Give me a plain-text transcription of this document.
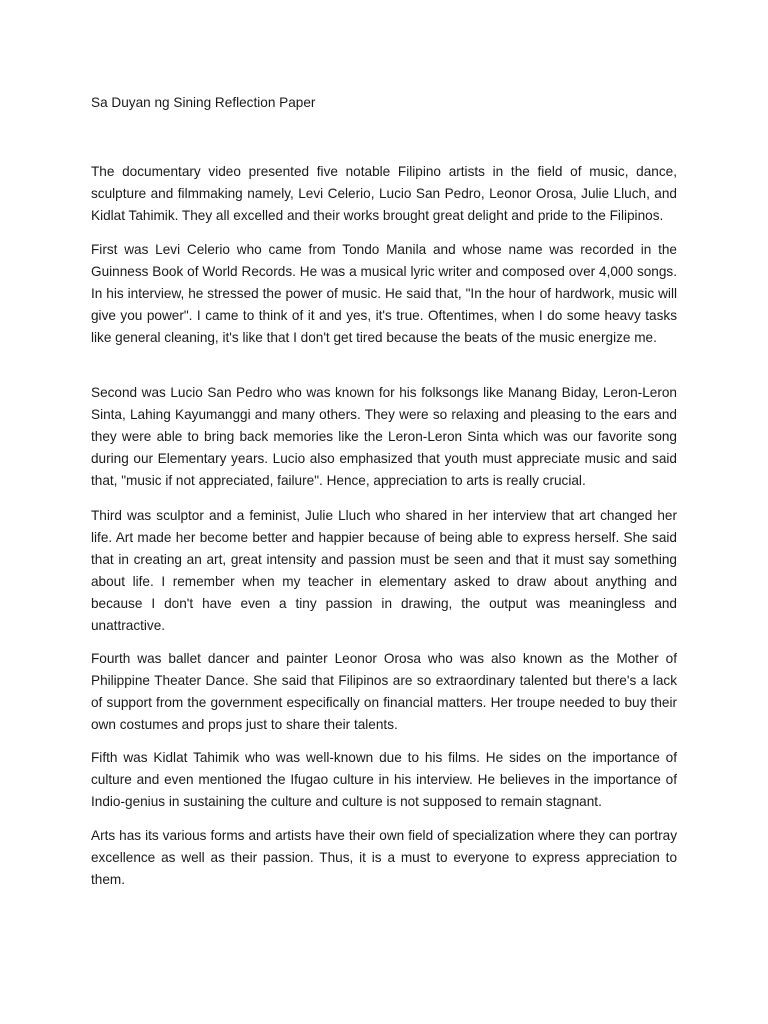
Sa Duyan ng Sining Reflection Paper

The documentary video presented five notable Filipino artists in the field of music, dance, sculpture and filmmaking namely, Levi Celerio, Lucio San Pedro, Leonor Orosa, Julie Lluch, and Kidlat Tahimik. They all excelled and their works brought great delight and pride to the Filipinos.

First was Levi Celerio who came from Tondo Manila and whose name was recorded in the Guinness Book of World Records. He was a musical lyric writer and composed over 4,000 songs. In his interview, he stressed the power of music. He said that, "In the hour of hardwork, music will give you power". I came to think of it and yes, it's true. Oftentimes, when I do some heavy tasks like general cleaning, it's like that I don't get tired because the beats of the music energize me.

Second was Lucio San Pedro who was known for his folksongs like Manang Biday, Leron-Leron Sinta, Lahing Kayumanggi and many others. They were so relaxing and pleasing to the ears and they were able to bring back memories like the Leron-Leron Sinta which was our favorite song during our Elementary years. Lucio also emphasized that youth must appreciate music and said that, "music if not appreciated, failure". Hence, appreciation to arts is really crucial.

Third was sculptor and a feminist, Julie Lluch who shared in her interview that art changed her life. Art made her become better and happier because of being able to express herself. She said that in creating an art, great intensity and passion must be seen and that it must say something about life. I remember when my teacher in elementary asked to draw about anything and because I don't have even a tiny passion in drawing, the output was meaningless and unattractive.

Fourth was ballet dancer and painter Leonor Orosa who was also known as the Mother of Philippine Theater Dance. She said that Filipinos are so extraordinary talented but there's a lack of support from the government especifically on financial matters. Her troupe needed to buy their own costumes and props just to share their talents.

Fifth was Kidlat Tahimik who was well-known due to his films. He sides on the importance of culture and even mentioned the Ifugao culture in his interview. He believes in the importance of Indio-genius in sustaining the culture and culture is not supposed to remain stagnant.

Arts has its various forms and artists have their own field of specialization where they can portray excellence as well as their passion. Thus, it is a must to everyone to express appreciation to them.
